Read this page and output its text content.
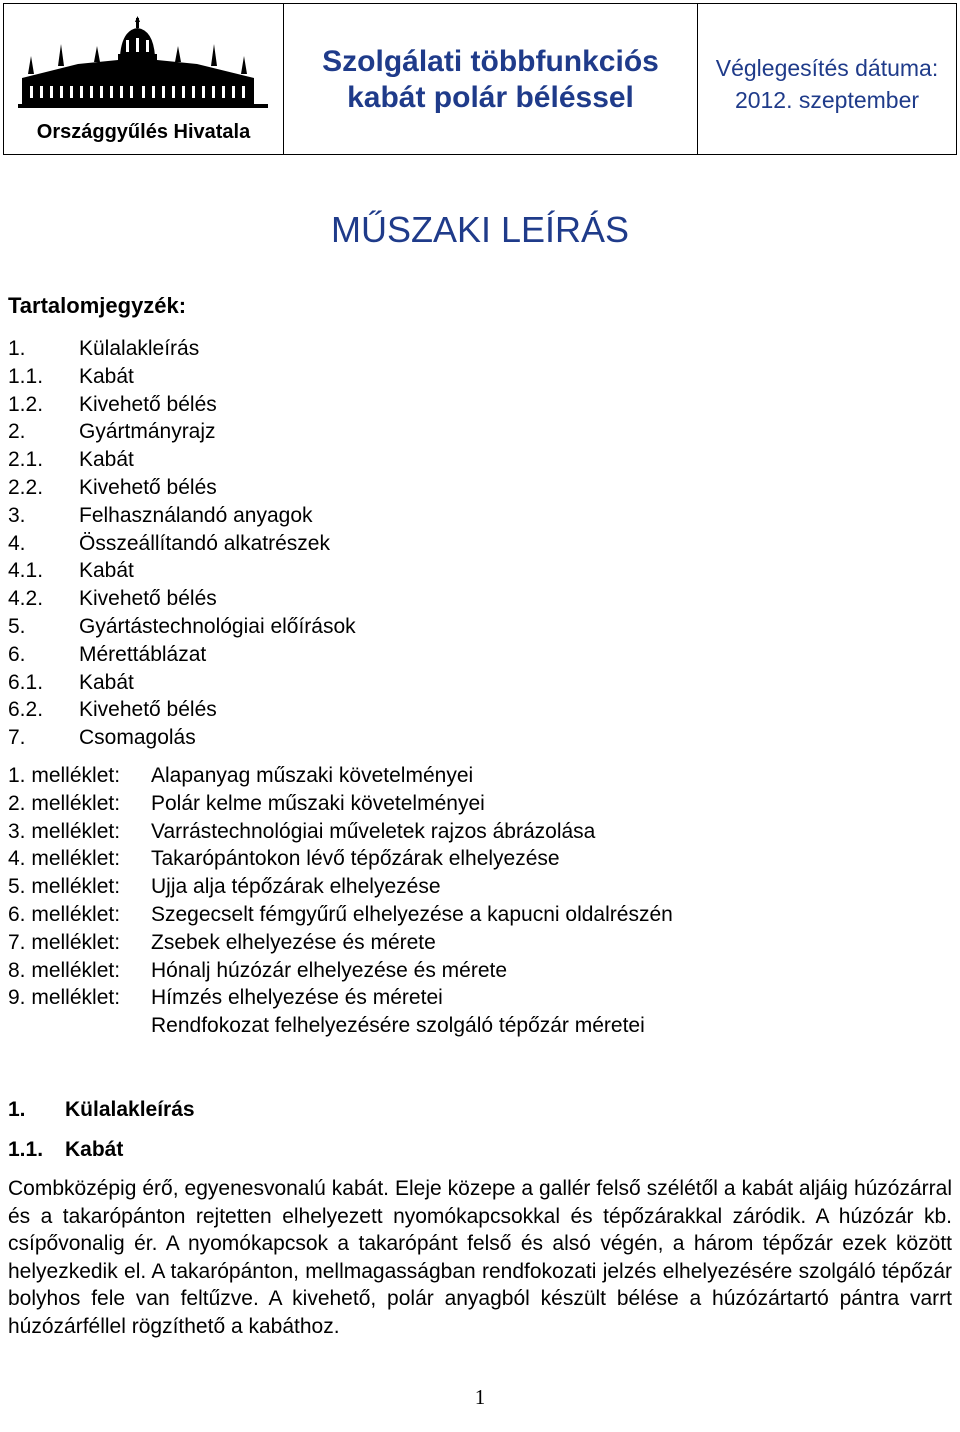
Országgyűlés Hivatala
Szolgálati többfunkciós
kabát polár béléssel
Véglegesítés dátuma:
2012. szeptember
MŰSZAKI LEÍRÁS
Tartalomjegyzék:
1.	Külalakleírás
1.1.	Kabát
1.2.	Kivehető bélés
2.	Gyártmányrajz
2.1.	Kabát
2.2.	Kivehető bélés
3.	Felhasználandó anyagok
4.	Összeállítandó alkatrészek
4.1.	Kabát
4.2.	Kivehető bélés
5.	Gyártástechnológiai előírások
6.	Mérettáblázat
6.1.	Kabát
6.2.	Kivehető bélés
7.	Csomagolás
1. melléklet:	Alapanyag műszaki követelményei
2. melléklet:	Polár kelme műszaki követelményei
3. melléklet:	Varrástechnológiai műveletek rajzos ábrázolása
4. melléklet:	Takarópántokon lévő tépőzárak elhelyezése
5. melléklet:	Ujja alja tépőzárak elhelyezése
6. melléklet:	Szegecselt fémgyűrű elhelyezése a kapucni oldalrészén
7. melléklet:	Zsebek elhelyezése és mérete
8. melléklet:	Hónalj húzózár elhelyezése és mérete
9. melléklet:	Hímzés elhelyezése és méretei
Rendfokozat felhelyezésére szolgáló tépőzár méretei
1.	Külalakleírás
1.1.	Kabát
Combközépig érő, egyenesvonalú kabát. Eleje közepe a gallér felső szélétől a kabát aljáig húzózárral és a takarópánton rejtetten elhelyezett nyomókapcsokkal és tépőzárakkal záródik. A húzózár kb. csípővonalig ér. A nyomókapcsok a takarópánt felső és alsó végén, a három tépőzár ezek között helyezkedik el. A takarópánton, mellmagasságban rendfokozati jelzés elhelyezésére szolgáló tépőzár bolyhos fele van feltűzve. A kivehető, polár anyagból készült bélése a húzózártartó pántra varrt húzózárféllel rögzíthető a kabáthoz.
1
